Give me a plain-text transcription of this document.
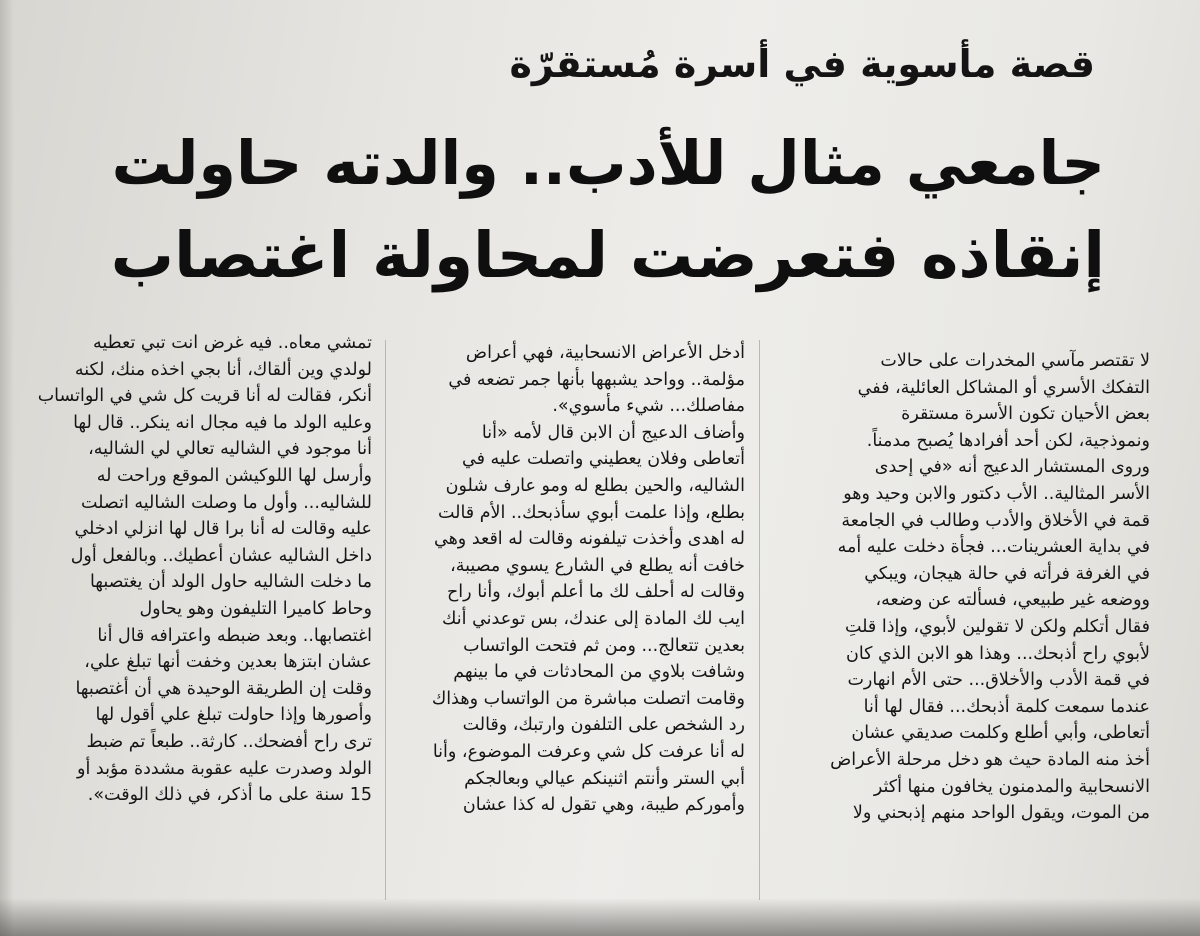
قصة مأسوية في أسرة مُستقرّة
جامعي مثال للأدب.. والدته حاولت
إنقاذه فتعرضت لمحاولة اغتصاب

لا تقتصر مآسي المخدرات على حالات

التفكك الأسري أو المشاكل العائلية، ففي

بعض الأحيان تكون الأسرة مستقرة

ونموذجية، لكن أحد أفرادها يُصبح مدمناً.

وروى المستشار الدعيج أنه «في إحدى

الأسر المثالية.. الأب دكتور والابن وحيد وهو

قمة في الأخلاق والأدب وطالب في الجامعة

في بداية العشرينات... فجأة دخلت عليه أمه

في الغرفة فرأته في حالة هيجان، ويبكي

ووضعه غير طبيعي، فسألته عن وضعه،

فقال أتكلم ولكن لا تقولين لأبوي، وإذا قلتِ

لأبوي راح أذبحك... وهذا هو الابن الذي كان

في قمة الأدب والأخلاق... حتى الأم انهارت

عندما سمعت كلمة أذبحك... فقال لها أنا

أتعاطى، وأبي أطلع وكلمت صديقي عشان

أخذ منه المادة حيث هو دخل مرحلة الأعراض

الانسحابية والمدمنون يخافون منها أكثر

من الموت، ويقول الواحد منهم إذبحني ولا

أدخل الأعراض الانسحابية، فهي أعراض

مؤلمة.. وواحد يشبهها بأنها جمر تضعه في

مفاصلك... شيء مأسوي».

وأضاف الدعيج أن الابن قال لأمه «أنا

أتعاطى وفلان يعطيني واتصلت عليه في

الشاليه، والحين بطلع له ومو عارف شلون

بطلع، وإذا علمت أبوي سأذبحك.. الأم قالت

له اهدى وأخذت تيلفونه وقالت له اقعد وهي

خافت أنه يطلع في الشارع يسوي مصيبة،

وقالت له أحلف لك ما أعلم أبوك، وأنا راح

ايب لك المادة إلى عندك، بس توعدني أنك

بعدين تتعالج... ومن ثم فتحت الواتساب

وشافت بلاوي من المحادثات في ما بينهم

وقامت اتصلت مباشرة من الواتساب وهذاك

رد الشخص على التلفون وارتبك، وقالت

له أنا عرفت كل شي وعرفت الموضوع، وأنا

أبي الستر وأنتم اثنينكم عيالي وبعالجكم

وأموركم طيبة، وهي تقول له كذا عشان

تمشي معاه.. فيه غرض انت تبي تعطيه

لولدي وين ألقاك، أنا بجي اخذه منك، لكنه

أنكر، فقالت له أنا قريت كل شي في الواتساب

وعليه الولد ما فيه مجال انه ينكر.. قال لها

أنا موجود في الشاليه تعالي لي الشاليه،

وأرسل لها اللوكيشن الموقع وراحت له

للشاليه... وأول ما وصلت الشاليه اتصلت

عليه وقالت له أنا برا قال لها انزلي ادخلي

داخل الشاليه عشان أعطيك.. وبالفعل أول

ما دخلت الشاليه حاول الولد أن يغتصبها

وحاط كاميرا التليفون وهو يحاول

اغتصابها.. وبعد ضبطه واعترافه قال أنا

عشان ابتزها بعدين وخفت أنها تبلغ علي،

وقلت إن الطريقة الوحيدة هي أن أغتصبها

وأصورها وإذا حاولت تبلغ علي أقول لها

ترى راح أفضحك.. كارثة.. طبعاً تم ضبط

الولد وصدرت عليه عقوبة مشددة مؤبد أو

15 سنة على ما أذكر، في ذلك الوقت».
